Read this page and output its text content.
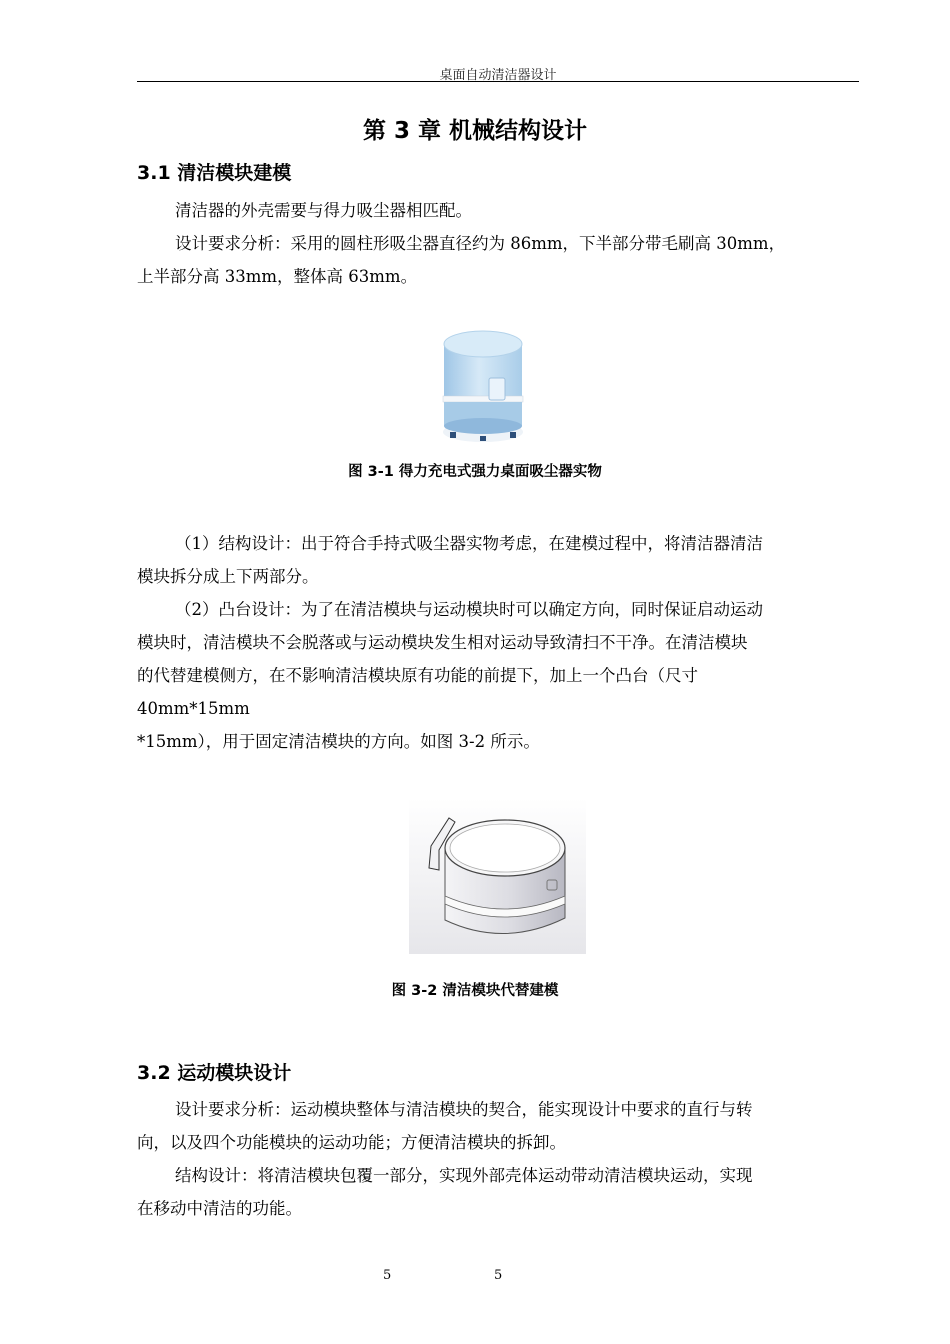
桌面自动清洁器设计
第 3 章 机械结构设计
3.1 清洁模块建模
清洁器的外壳需要与得力吸尘器相匹配。
设计要求分析：采用的圆柱形吸尘器直径约为 86mm，下半部分带毛刷高 30mm，
上半部分高 33mm，整体高 63mm。
图 3-1 得力充电式强力桌面吸尘器实物
（1）结构设计：出于符合手持式吸尘器实物考虑，在建模过程中，将清洁器清洁
模块拆分成上下两部分。
（2）凸台设计：为了在清洁模块与运动模块时可以确定方向，同时保证启动运动
模块时，清洁模块不会脱落或与运动模块发生相对运动导致清扫不干净。在清洁模块
的代替建模侧方，在不影响清洁模块原有功能的前提下，加上一个凸台（尺寸
40mm*15mm
*15mm），用于固定清洁模块的方向。如图 3-2 所示。
图 3-2 清洁模块代替建模
3.2 运动模块设计
设计要求分析：运动模块整体与清洁模块的契合，能实现设计中要求的直行与转
向，以及四个功能模块的运动功能；方便清洁模块的拆卸。
结构设计：将清洁模块包覆一部分，实现外部壳体运动带动清洁模块运动，实现
在移动中清洁的功能。
5	5
